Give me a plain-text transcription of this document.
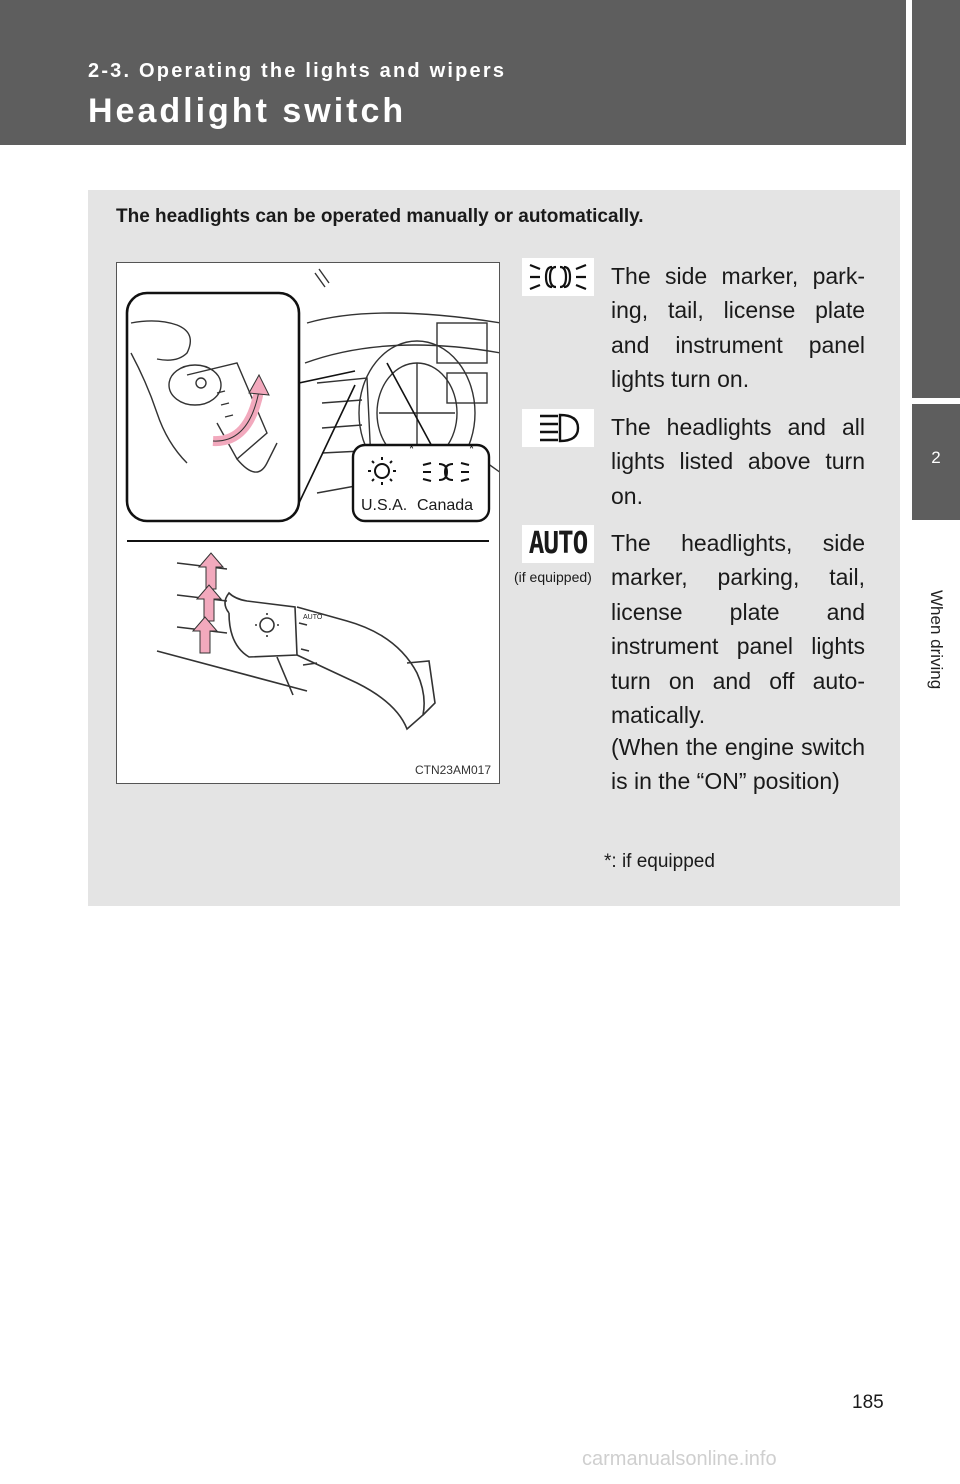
2-3. Operating the lights and wipers
Headlight switch
2
When driving
The headlights can be operated manually or automatically.
*	*
AUTO
U.S.A. Canada
CTN23AM017
The side marker, park-ing, tail, license plate and instrument panel lights turn on.
The headlights and all lights listed above turn on.
AUTO
(if equipped)
The headlights, side marker, parking, tail, license plate and instrument panel lights turn on and off auto-matically.
(When the engine switch is in the “ON” position)
*: if equipped
185
carmanualsonline.info
